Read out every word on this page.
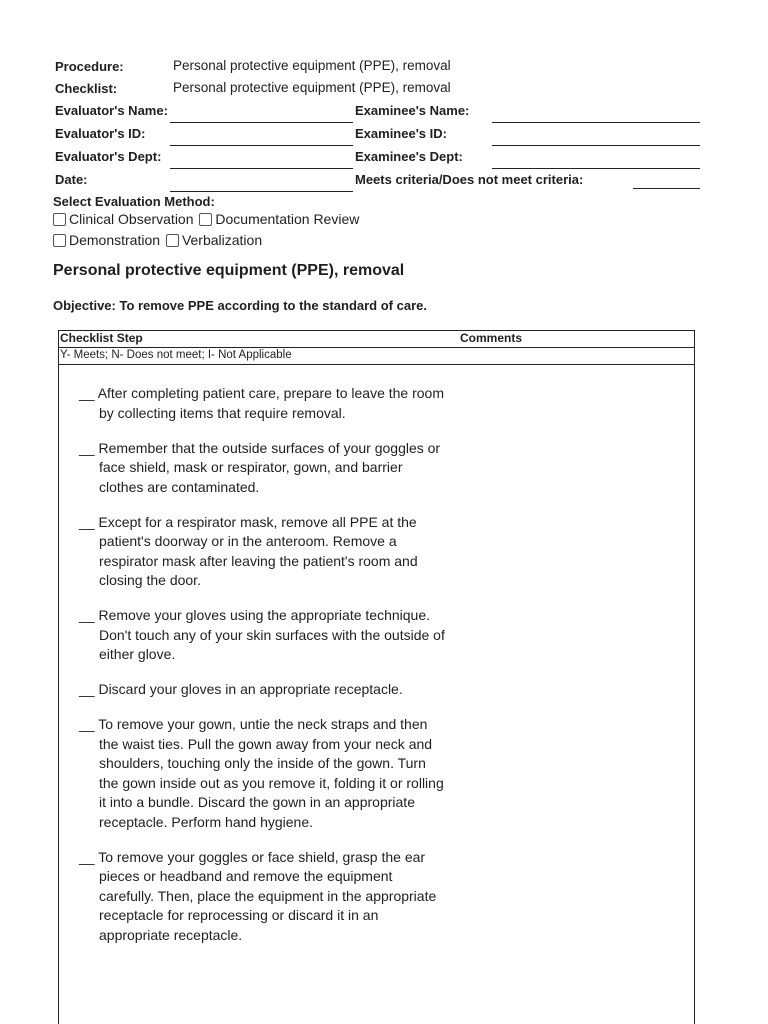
Procedure:	Personal protective equipment (PPE), removal
Checklist:	Personal protective equipment (PPE), removal
Evaluator's Name:	Examinee's Name:
Evaluator's ID:	Examinee's ID:
Evaluator's Dept:	Examinee's Dept:
Date:	Meets criteria/Does not meet criteria:
Select Evaluation Method:
Clinical Observation Documentation Review
Demonstration Verbalization
Personal protective equipment (PPE), removal
Objective: To remove PPE according to the standard of care.
Checklist Step	Comments
Y- Meets; N- Does not meet; I- Not Applicable
__ After completing patient care, prepare to leave the room by collecting items that require removal.
__ Remember that the outside surfaces of your goggles or face shield, mask or respirator, gown, and barrier clothes are contaminated.
__ Except for a respirator mask, remove all PPE at the patient's doorway or in the anteroom. Remove a respirator mask after leaving the patient's room and closing the door.
__ Remove your gloves using the appropriate technique. Don't touch any of your skin surfaces with the outside of either glove.
__ Discard your gloves in an appropriate receptacle.
__ To remove your gown, untie the neck straps and then the waist ties. Pull the gown away from your neck and shoulders, touching only the inside of the gown. Turn the gown inside out as you remove it, folding it or rolling it into a bundle. Discard the gown in an appropriate receptacle. Perform hand hygiene.
__ To remove your goggles or face shield, grasp the ear pieces or headband and remove the equipment carefully. Then, place the equipment in the appropriate receptacle for reprocessing or discard it in an appropriate receptacle.
